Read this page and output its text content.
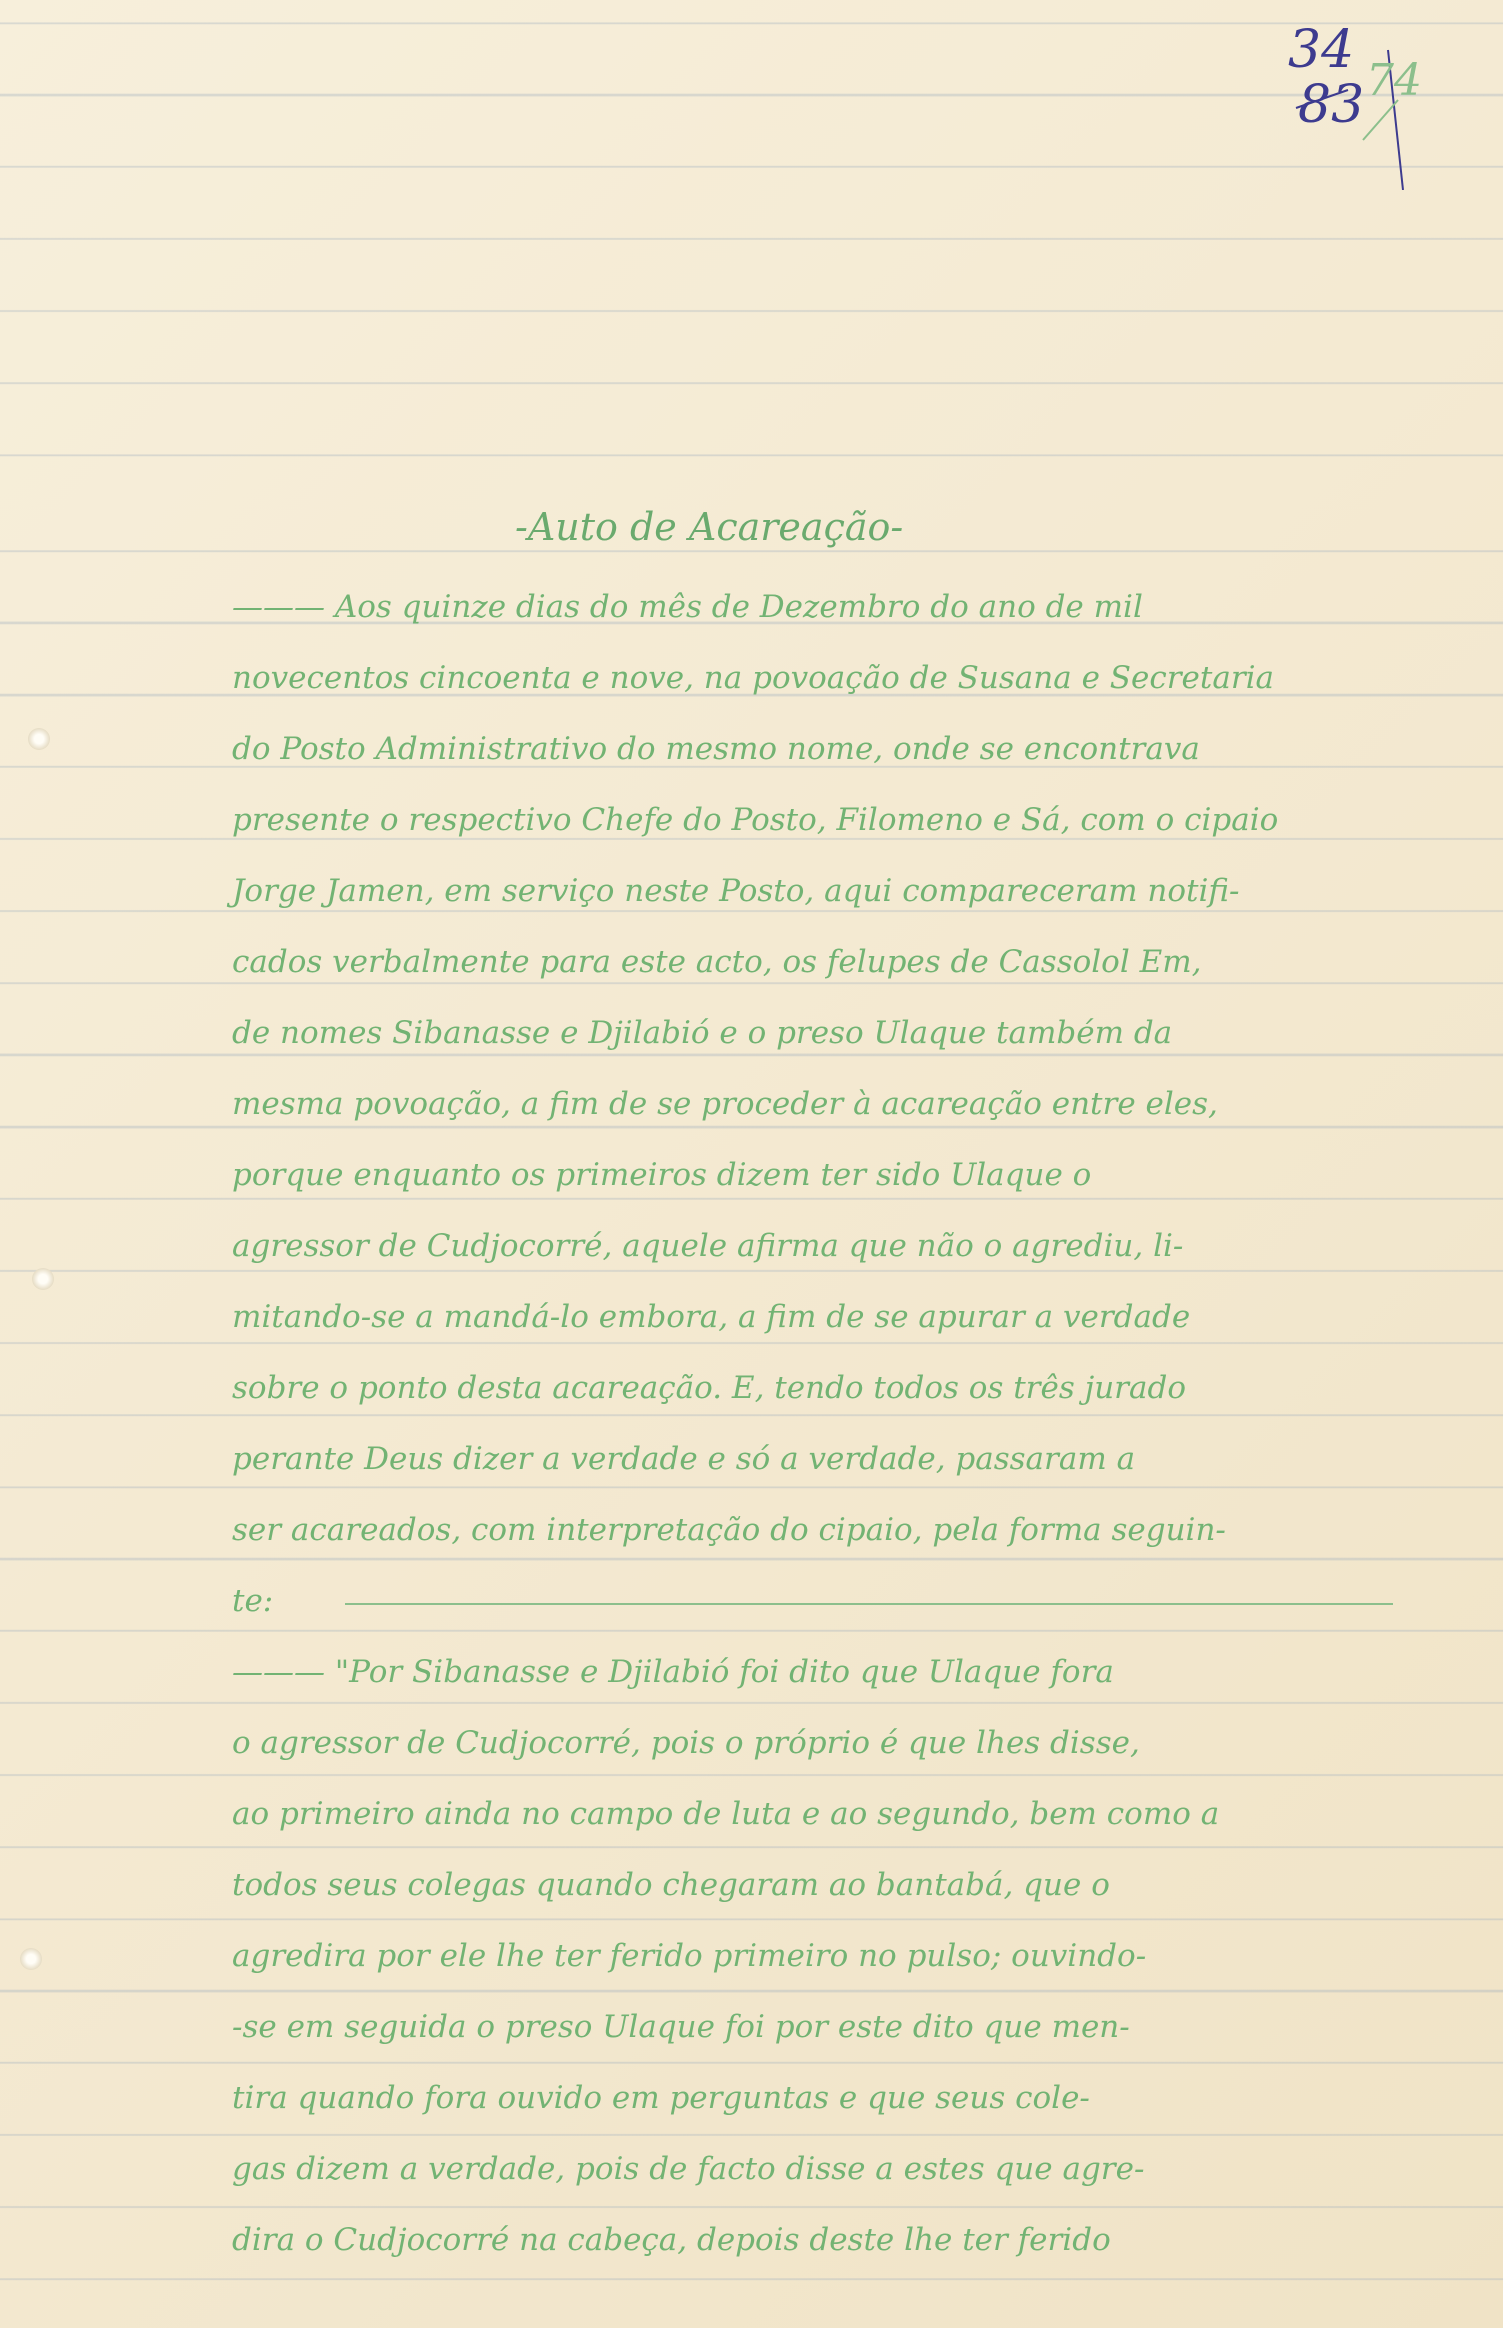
34
83 74
-Auto de Acareação-
——— Aos quinze dias do mês de Dezembro do ano de mil
novecentos cincoenta e nove, na povoação de Susana e Secretaria
do Posto Administrativo do mesmo nome, onde se encontrava
presente o respectivo Chefe do Posto, Filomeno e Sá, com o cipaio
Jorge Jamen, em serviço neste Posto, aqui compareceram notifi-
cados verbalmente para este acto, os felupes de Cassolol Em,
de nomes Sibanasse e Djilabió e o preso Ulaque também da
mesma povoação, a fim de se proceder à acareação entre eles,
porque enquanto os primeiros dizem ter sido Ulaque o
agressor de Cudjocorré, aquele afirma que não o agrediu, li-
mitando-se a mandá-lo embora, a fim de se apurar a verdade
sobre o ponto desta acareação. E, tendo todos os três jurado
perante Deus dizer a verdade e só a verdade, passaram a
ser acareados, com interpretação do cipaio, pela forma seguin-
te:
——— "Por Sibanasse e Djilabió foi dito que Ulaque fora
o agressor de Cudjocorré, pois o próprio é que lhes disse,
ao primeiro ainda no campo de luta e ao segundo, bem como a
todos seus colegas quando chegaram ao bantabá, que o
agredira por ele lhe ter ferido primeiro no pulso; ouvindo-
-se em seguida o preso Ulaque foi por este dito que men-
tira quando fora ouvido em perguntas e que seus cole-
gas dizem a verdade, pois de facto disse a estes que agre-
dira o Cudjocorré na cabeça, depois deste lhe ter ferido
